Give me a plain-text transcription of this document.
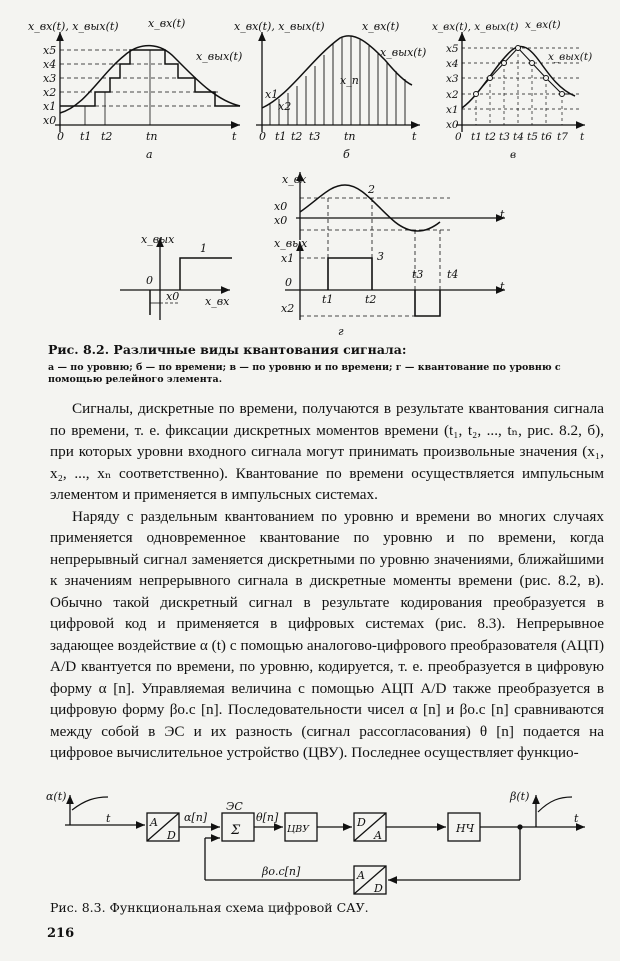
x_вх(t), x_вых(t)	x_вх(t)
x_вых(t)
x5
x4
x3
x2
x1
x0
0 t1 t2	tn	t
a
x_вх(t), x_вых(t)	x_вх(t)
x_вых(t)
x_n
x1
x2
0 t1 t2 t3 tn	t
б
x_вх(t), x_вых(t) x_вх(t)
x_вых(t)
x5
x4
x3
x2
x1
x0
0 t1 t2 t3 t4 t5 t6 t7 t
в
x_вх
2
x0
x0	t
x_вых
1
0
x0 x_вх
x_вых
x1
x2
0
3
t1	t2
t3 t4
t
г
α(t)
t
β(t)
t
A
D
α[n]
ЭС
Σ
θ[n]
ЦВУ
D
A
НЧ
A
D
βо.с[n]
Рис. 8.2. Различные виды квантования сигнала:
а — по уровню; б — по времени; в — по уровню и по времени; г — квантование по уровню с помощью релейного элемента.

Сигналы, дискретные по времени, получаются в результате квантования сигнала по времени, т. е. фиксации дискретных моментов времени (t₁, t₂, ..., tₙ, рис. 8.2, б), при которых уровни входного сигнала могут принимать произвольные значения (x₁, x₂, ..., xₙ соответственно). Квантование по времени осуществляется импульсным элементом и применяется в импульсных системах.

Наряду с раздельным квантованием по уровню и времени во многих случаях применяется одновременное квантование по уровню и по времени, когда непрерывный сигнал заменяется дискретными по уровню значениями, ближайшими к значениям непрерывного сигнала в дискретные моменты времени (рис. 8.2, в). Обычно такой дискретный сигнал в результате кодирования преобразуется в цифровой код и применяется в цифровых системах (рис. 8.3). Непрерывное задающее воздействие α (t) с помощью аналогово-цифрового преобразователя (АЦП) A/D квантуется по времени, по уровню, кодируется, т. е. преобразуется в цифровую форму α [n]. Управляемая величина с помощью АЦП A/D также преобразуется в цифровую форму βо.с [n]. Последовательности чисел α [n] и βо.с [n] сравниваются между собой в ЭС и их разность (сигнал рассогласования) θ [n] подается на цифровое вычислительное устройство (ЦВУ). Последнее осуществляет функцио-

Рис. 8.3. Функциональная схема цифровой САУ.
216
